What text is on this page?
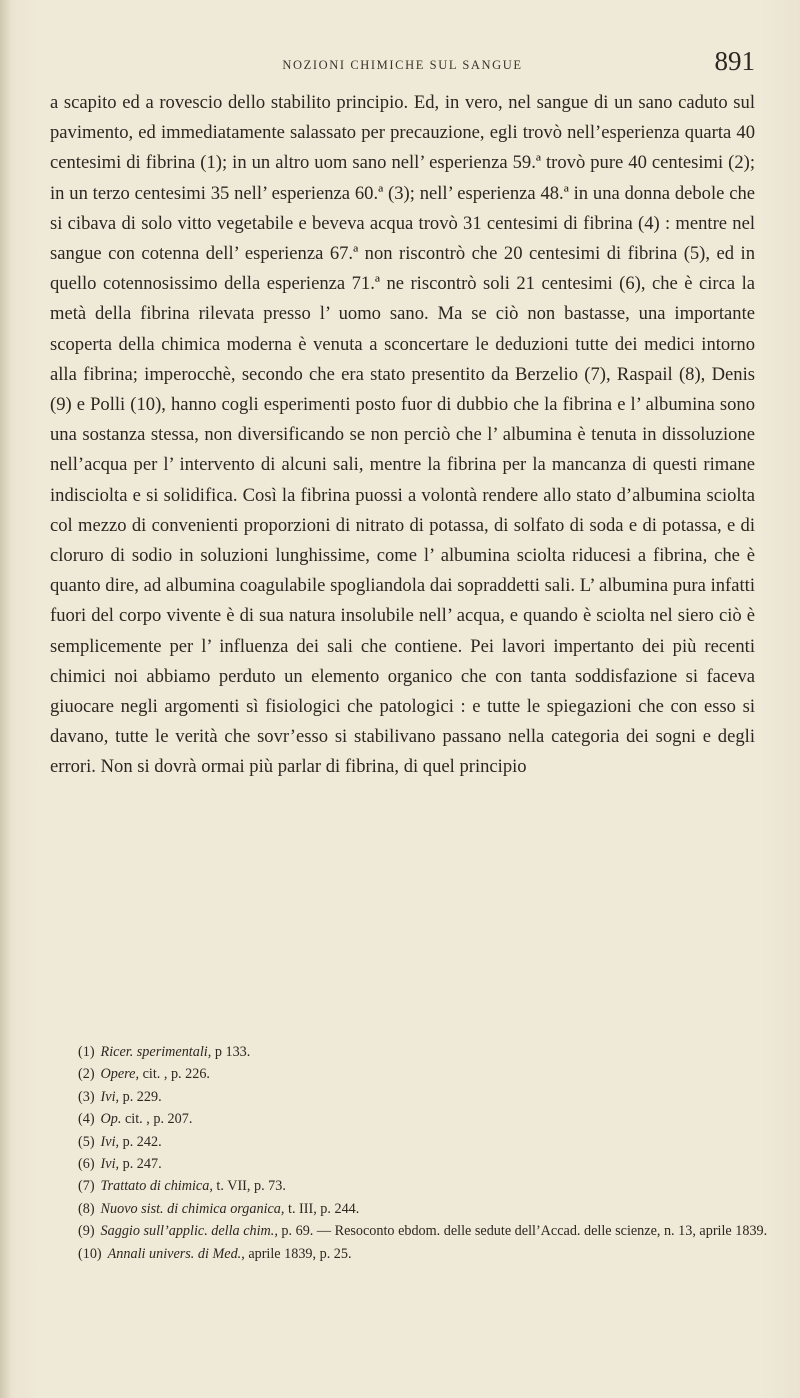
NOZIONI CHIMICHE SUL SANGUE	891

a scapito ed a rovescio dello stabilito principio. Ed, in vero, nel sangue di un sano caduto sul pavimento, ed immediatamente salassato per precauzione, egli trovò nell’esperienza quarta 40 centesimi di fibrina (1); in un altro uom sano nell’ esperienza 59.ª trovò pure 40 centesimi (2); in un terzo centesimi 35 nell’ esperienza 60.ª (3); nell’ esperienza 48.ª in una donna debole che si cibava di solo vitto vegetabile e beveva acqua trovò 31 centesimi di fibrina (4) : mentre nel sangue con cotenna dell’ esperienza 67.ª non riscontrò che 20 centesimi di fibrina (5), ed in quello cotennosissimo della esperienza 71.ª ne riscontrò soli 21 centesimi (6), che è circa la metà della fibrina rilevata presso l’ uomo sano. Ma se ciò non bastasse, una importante scoperta della chimica moderna è venuta a sconcertare le deduzioni tutte dei medici intorno alla fibrina; imperocchè, secondo che era stato presentito da Berzelio (7), Raspail (8), Denis (9) e Polli (10), hanno cogli esperimenti posto fuor di dubbio che la fibrina e l’ albumina sono una sostanza stessa, non diversificando se non perciò che l’ albumina è tenuta in dissoluzione nell’acqua per l’ intervento di alcuni sali, mentre la fibrina per la mancanza di questi rimane indisciolta e si solidifica. Così la fibrina puossi a volontà rendere allo stato d’albumina sciolta col mezzo di convenienti proporzioni di nitrato di potassa, di solfato di soda e di potassa, e di cloruro di sodio in soluzioni lunghissime, come l’ albumina sciolta riducesi a fibrina, che è quanto dire, ad albumina coagulabile spogliandola dai sopraddetti sali. L’ albumina pura infatti fuori del corpo vivente è di sua natura insolubile nell’ acqua, e quando è sciolta nel siero ciò è semplicemente per l’ influenza dei sali che contiene. Pei lavori impertanto dei più recenti chimici noi abbiamo perduto un elemento organico che con tanta soddisfazione si faceva giuocare negli argomenti sì fisiologici che patologici : e tutte le spiegazioni che con esso si davano, tutte le verità che sovr’esso si stabilivano passano nella categoria dei sogni e degli errori. Non si dovrà ormai più parlar di fibrina, di quel principio

(1) Ricer. sperimentali, p 133.

(2) Opere, cit. , p. 226.

(3) Ivi, p. 229.

(4) Op. cit. , p. 207.

(5) Ivi, p. 242.

(6) Ivi, p. 247.

(7) Trattato di chimica, t. VII, p. 73.

(8) Nuovo sist. di chimica organica, t. III, p. 244.

(9) Saggio sull’applic. della chim., p. 69. — Resoconto ebdom. delle sedute dell’Accad. delle scienze, n. 13, aprile 1839.

(10) Annali univers. di Med., aprile 1839, p. 25.
